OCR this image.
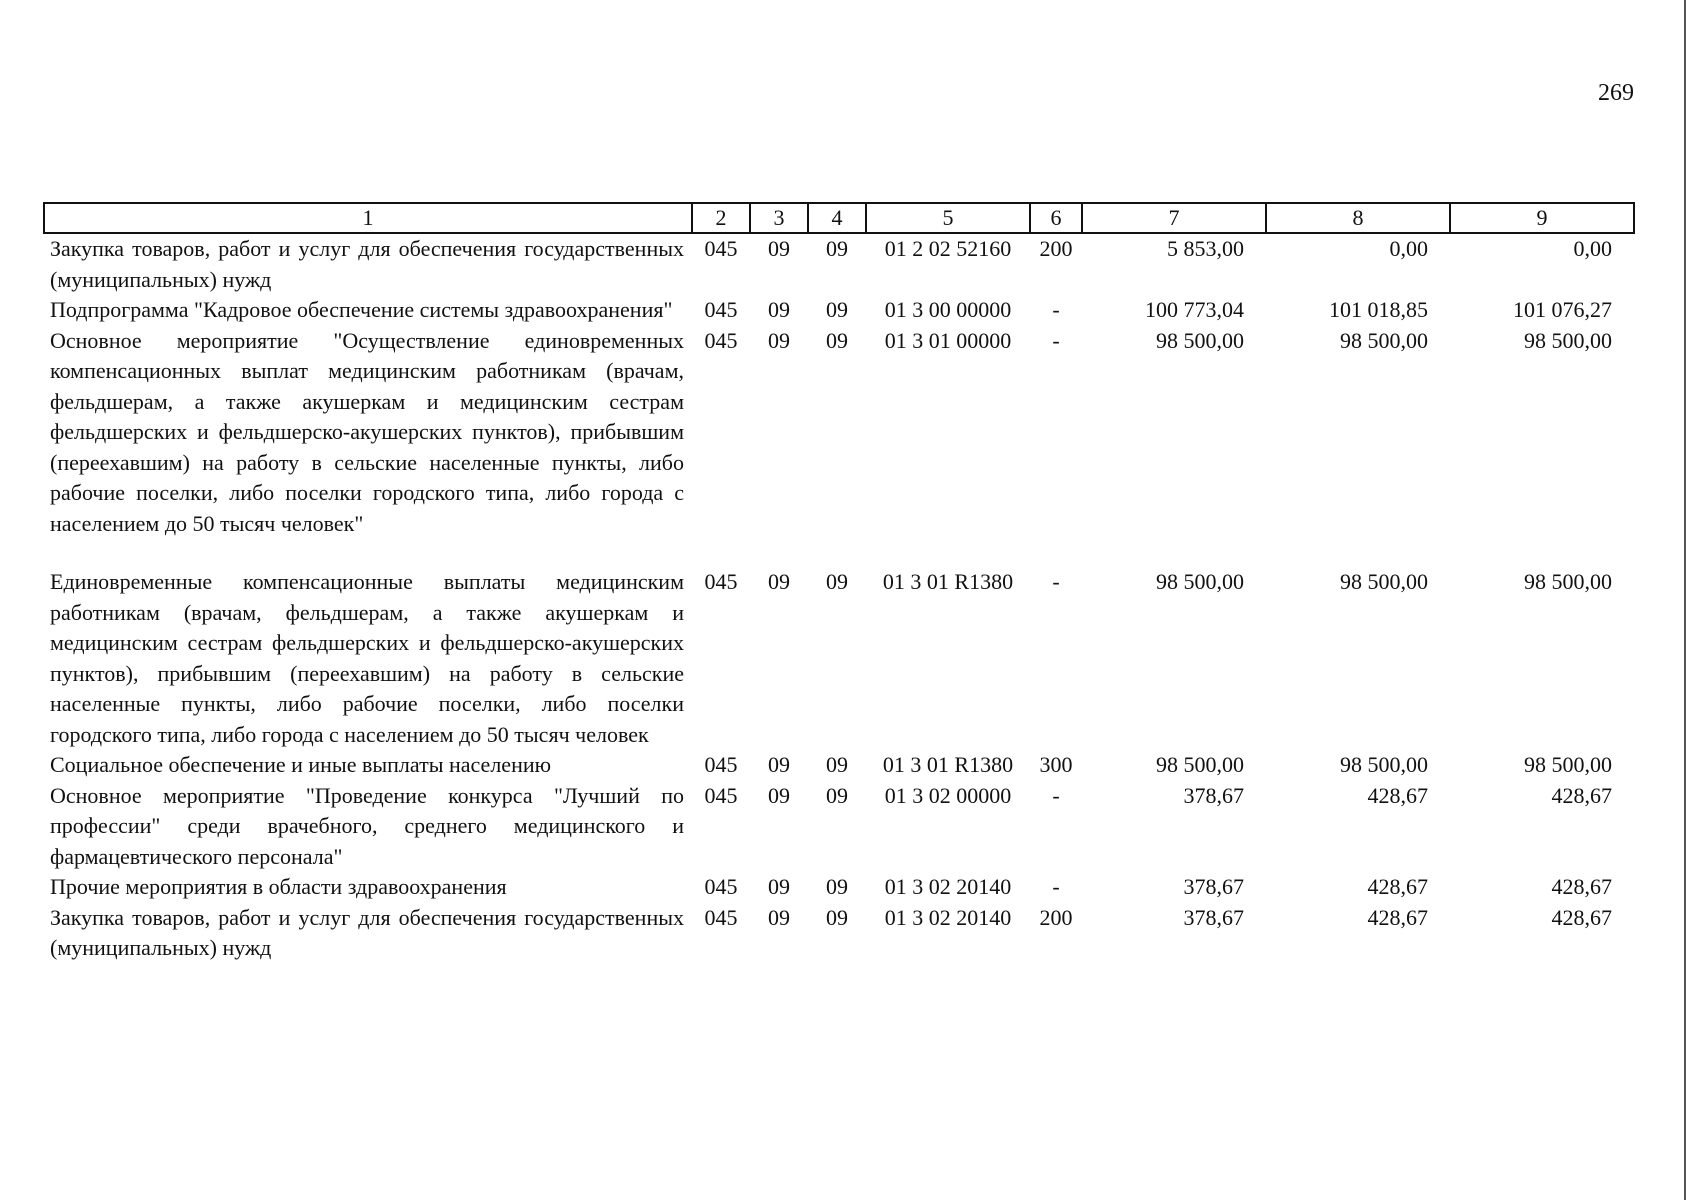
269
1	2	3	4	5	6	7	8	9
Закупка товаров, работ и услуг для обеспечения государственных (муниципальных) нужд	045	09	09	01 2 02 52160	200	5 853,00	0,00	0,00
Подпрограмма "Кадровое обеспечение системы здравоохранения"	045	09	09	01 3 00 00000	-	100 773,04	101 018,85	101 076,27
Основное мероприятие "Осуществление единовременных компенсационных выплат медицинским работникам (врачам, фельдшерам, а также акушеркам и медицинским сестрам фельдшерских и фельдшерско-акушерских пунктов), прибывшим (переехавшим) на работу в сельские населенные пункты, либо рабочие поселки, либо поселки городского типа, либо города с населением до 50 тысяч человек"	045	09	09	01 3 01 00000	-	98 500,00	98 500,00	98 500,00
Единовременные компенсационные выплаты медицинским работникам (врачам, фельдшерам, а также акушеркам и медицинским сестрам фельдшерских и фельдшерско-акушерских пунктов), прибывшим (переехавшим) на работу в сельские населенные пункты, либо рабочие поселки, либо поселки городского типа, либо города с населением до 50 тысяч человек	045	09	09	01 3 01 R1380	-	98 500,00	98 500,00	98 500,00
Социальное обеспечение и иные выплаты населению	045	09	09	01 3 01 R1380	300	98 500,00	98 500,00	98 500,00
Основное мероприятие "Проведение конкурса "Лучший по профессии" среди врачебного, среднего медицинского и фармацевтического персонала"	045	09	09	01 3 02 00000	-	378,67	428,67	428,67
Прочие мероприятия в области здравоохранения	045	09	09	01 3 02 20140	-	378,67	428,67	428,67
Закупка товаров, работ и услуг для обеспечения государственных (муниципальных) нужд	045	09	09	01 3 02 20140	200	378,67	428,67	428,67
